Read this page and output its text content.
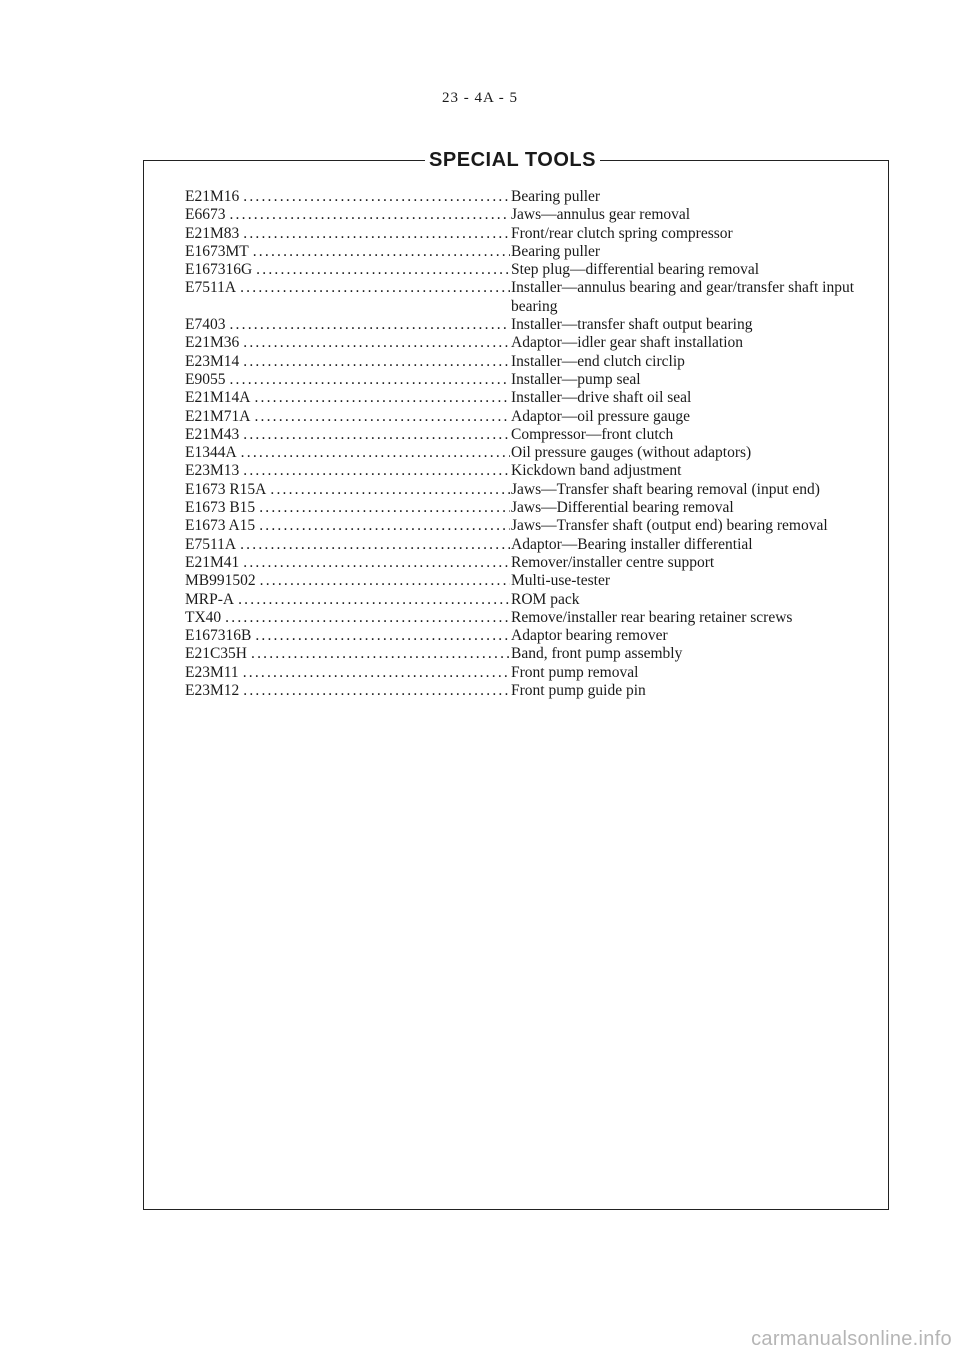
23 - 4A - 5
SPECIAL TOOLS
E21M16 .....	Bearing puller
E6673 .....	Jaws—annulus gear removal
E21M83 .....	Front/rear clutch spring compressor
E1673MT .....	Bearing puller
E167316G .....	Step plug—differential bearing removal
E7511A .....	Installer—annulus bearing and gear/transfer shaft input bearing
E7403 .....	Installer—transfer shaft output bearing
E21M36 .....	Adaptor—idler gear shaft installation
E23M14 .....	Installer—end clutch circlip
E9055 .....	Installer—pump seal
E21M14A .....	Installer—drive shaft oil seal
E21M71A .....	Adaptor—oil pressure gauge
E21M43 .....	Compressor—front clutch
E1344A .....	Oil pressure gauges (without adaptors)
E23M13 .....	Kickdown band adjustment
E1673 R15A .....	Jaws—Transfer shaft bearing removal (input end)
E1673 B15 .....	Jaws—Differential bearing removal
E1673 A15 .....	Jaws—Transfer shaft (output end) bearing removal
E7511A .....	Adaptor—Bearing installer differential
E21M41 .....	Remover/installer centre support
MB991502 .....	Multi-use-tester
MRP-A .....	ROM pack
TX40 .....	Remove/installer rear bearing retainer screws
E167316B .....	Adaptor bearing remover
E21C35H .....	Band, front pump assembly
E23M11 .....	Front pump removal
E23M12 .....	Front pump guide pin
carmanualsonline.info
